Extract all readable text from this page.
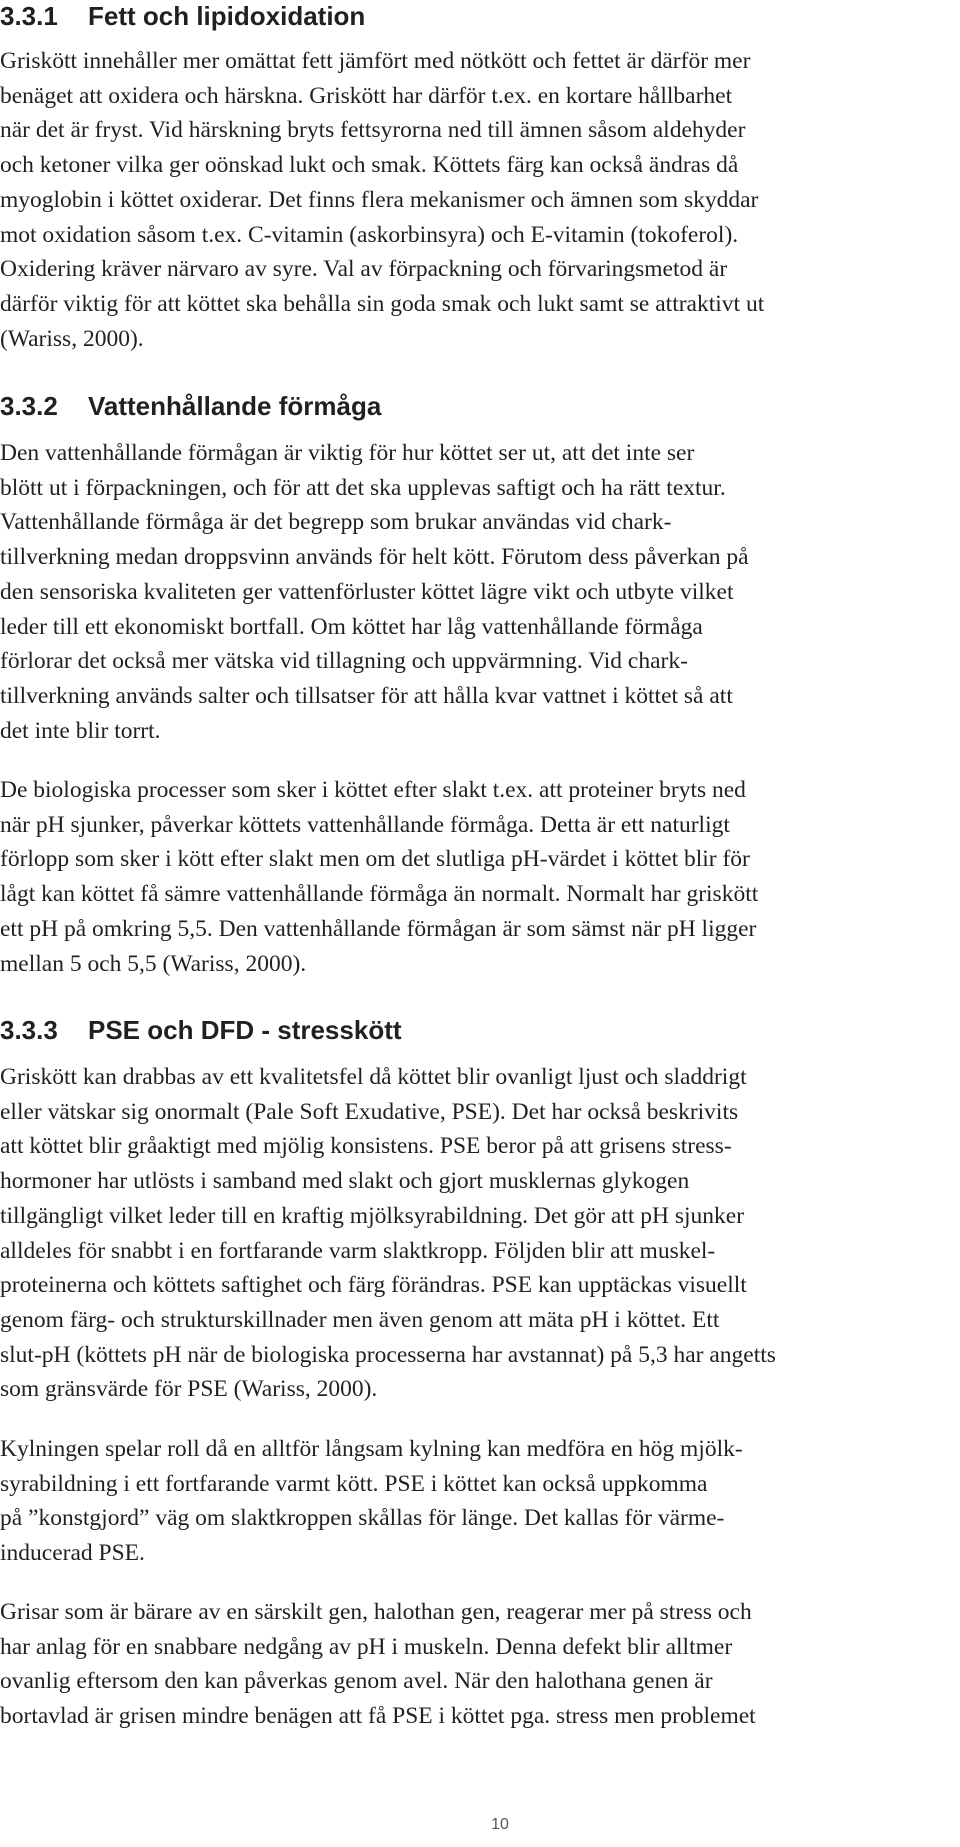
3.3.1 Fett och lipidoxidation

Griskött innehåller mer omättat fett jämfört med nötkött och fettet är därför mer
benäget att oxidera och härskna. Griskött har därför t.ex. en kortare hållbarhet
när det är fryst. Vid härskning bryts fettsyrorna ned till ämnen såsom aldehyder
och ketoner vilka ger oönskad lukt och smak. Köttets färg kan också ändras då
myoglobin i köttet oxiderar. Det finns flera mekanismer och ämnen som skyddar
mot oxidation såsom t.ex. C-vitamin (askorbinsyra) och E-vitamin (tokoferol).
Oxidering kräver närvaro av syre. Val av förpackning och förvaringsmetod är
därför viktig för att köttet ska behålla sin goda smak och lukt samt se attraktivt ut
(Wariss, 2000).

3.3.2 Vattenhållande förmåga

Den vattenhållande förmågan är viktig för hur köttet ser ut, att det inte ser
blött ut i förpackningen, och för att det ska upplevas saftigt och ha rätt textur.
Vattenhållande förmåga är det begrepp som brukar användas vid chark-
tillverkning medan droppsvinn används för helt kött. Förutom dess påverkan på
den sensoriska kvaliteten ger vattenförluster köttet lägre vikt och utbyte vilket
leder till ett ekonomiskt bortfall. Om köttet har låg vattenhållande förmåga
förlorar det också mer vätska vid tillagning och uppvärmning. Vid chark-
tillverkning används salter och tillsatser för att hålla kvar vattnet i köttet så att
det inte blir torrt.

De biologiska processer som sker i köttet efter slakt t.ex. att proteiner bryts ned
när pH sjunker, påverkar köttets vattenhållande förmåga. Detta är ett naturligt
förlopp som sker i kött efter slakt men om det slutliga pH-värdet i köttet blir för
lågt kan köttet få sämre vattenhållande förmåga än normalt. Normalt har griskött
ett pH på omkring 5,5. Den vattenhållande förmågan är som sämst när pH ligger
mellan 5 och 5,5 (Wariss, 2000).

3.3.3 PSE och DFD - stresskött

Griskött kan drabbas av ett kvalitetsfel då köttet blir ovanligt ljust och sladdrigt
eller vätskar sig onormalt (Pale Soft Exudative, PSE). Det har också beskrivits
att köttet blir gråaktigt med mjölig konsistens. PSE beror på att grisens stress-
hormoner har utlösts i samband med slakt och gjort musklernas glykogen
tillgängligt vilket leder till en kraftig mjölksyrabildning. Det gör att pH sjunker
alldeles för snabbt i en fortfarande varm slaktkropp. Följden blir att muskel-
proteinerna och köttets saftighet och färg förändras. PSE kan upptäckas visuellt
genom färg- och strukturskillnader men även genom att mäta pH i köttet. Ett
slut-pH (köttets pH när de biologiska processerna har avstannat) på 5,3 har angetts
som gränsvärde för PSE (Wariss, 2000).

Kylningen spelar roll då en alltför långsam kylning kan medföra en hög mjölk-
syrabildning i ett fortfarande varmt kött. PSE i köttet kan också uppkomma
på ”konstgjord” väg om slaktkroppen skållas för länge. Det kallas för värme-
inducerad PSE.

Grisar som är bärare av en särskilt gen, halothan gen, reagerar mer på stress och
har anlag för en snabbare nedgång av pH i muskeln. Denna defekt blir alltmer
ovanlig eftersom den kan påverkas genom avel. När den halothana genen är
bortavlad är grisen mindre benägen att få PSE i köttet pga. stress men problemet

10
